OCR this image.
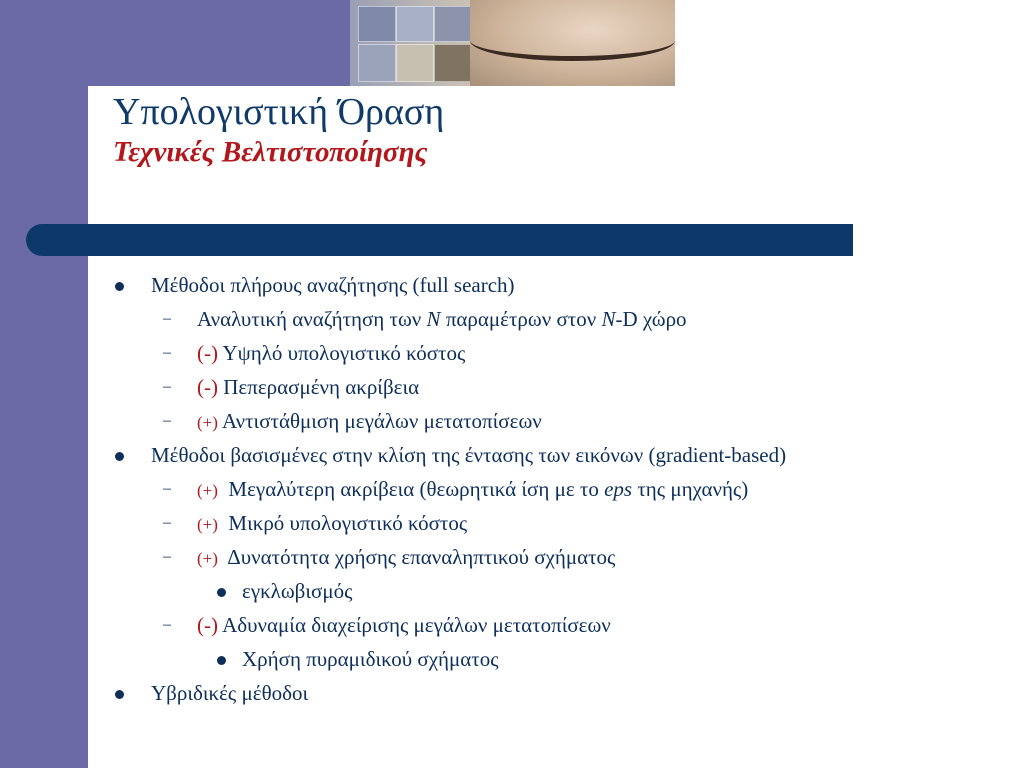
Υπολογιστική Όραση
Τεχνικές Βελτιστοποίησης
Μέθοδοι πλήρους αναζήτησης (full search)
– Αναλυτική αναζήτηση των N παραμέτρων στον N-D χώρο
– (-) Υψηλό υπολογιστικό κόστος
– (-) Πεπερασμένη ακρίβεια
– (+) Αντιστάθμιση μεγάλων μετατοπίσεων
Μέθοδοι βασισμένες στην κλίση της έντασης των εικόνων (gradient-based)
– (+)  Μεγαλύτερη ακρίβεια (θεωρητικά ίση με το eps της μηχανής)
– (+)  Μικρό υπολογιστικό κόστος
– (+)  Δυνατότητα χρήσης επαναληπτικού σχήματος
εγκλωβισμός
– (-) Αδυναμία διαχείρισης μεγάλων μετατοπίσεων
Χρήση πυραμιδικού σχήματος
Υβριδικές μέθοδοι
